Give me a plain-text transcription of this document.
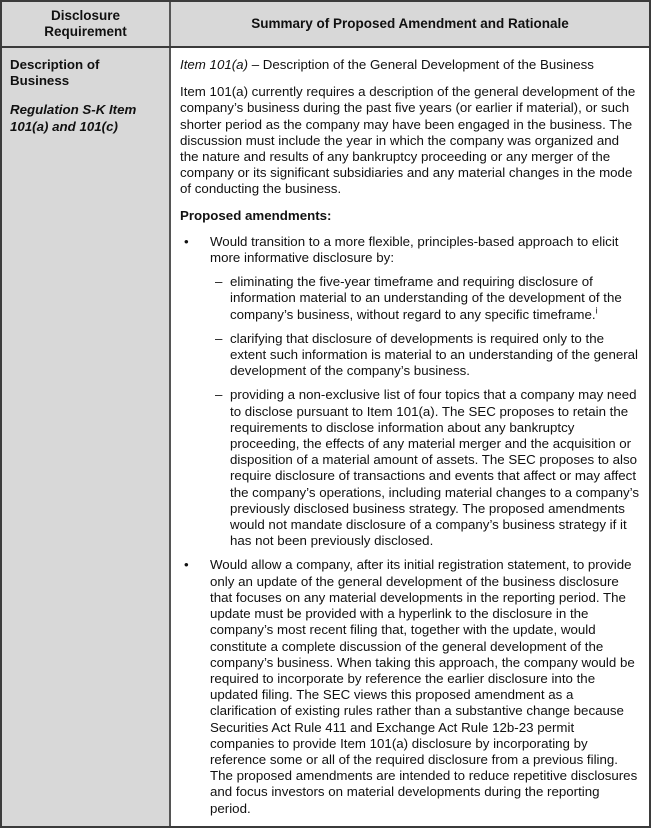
Disclosure Requirement
Summary of Proposed Amendment and Rationale

Description of Business

Regulation S-K Item 101(a) and 101(c)

Item 101(a) – Description of the General Development of the Business

Item 101(a) currently requires a description of the general development of the company’s business during the past five years (or earlier if material), or such shorter period as the company may have been engaged in the business. The discussion must include the year in which the company was organized and the nature and results of any bankruptcy proceeding or any merger of the company or its significant subsidiaries and any material changes in the mode of conducting the business.

Proposed amendments:

• Would transition to a more flexible, principles-based approach to elicit more informative disclosure by:
– eliminating the five-year timeframe and requiring disclosure of information material to an understanding of the development of the company’s business, without regard to any specific timeframe.$^i$
– clarifying that disclosure of developments is required only to the extent such information is material to an understanding of the general development of the company’s business.
– providing a non-exclusive list of four topics that a company may need to disclose pursuant to Item 101(a). The SEC proposes to retain the requirements to disclose information about any bankruptcy proceeding, the effects of any material merger and the acquisition or disposition of a material amount of assets. The SEC proposes to also require disclosure of transactions and events that affect or may affect the company’s operations, including material changes to a company’s previously disclosed business strategy. The proposed amendments would not mandate disclosure of a company’s business strategy if it has not been previously disclosed.
• Would allow a company, after its initial registration statement, to provide only an update of the general development of the business disclosure that focuses on any material developments in the reporting period. The update must be provided with a hyperlink to the disclosure in the company’s most recent filing that, together with the update, would constitute a complete discussion of the general development of the company’s business. When taking this approach, the company would be required to incorporate by reference the earlier disclosure into the updated filing. The SEC views this proposed amendment as a clarification of existing rules rather than a substantive change because Securities Act Rule 411 and Exchange Act Rule 12b-23 permit companies to provide Item 101(a) disclosure by incorporating by reference some or all of the required disclosure from a previous filing. The proposed amendments are intended to reduce repetitive disclosures and focus investors on material developments during the reporting period.
